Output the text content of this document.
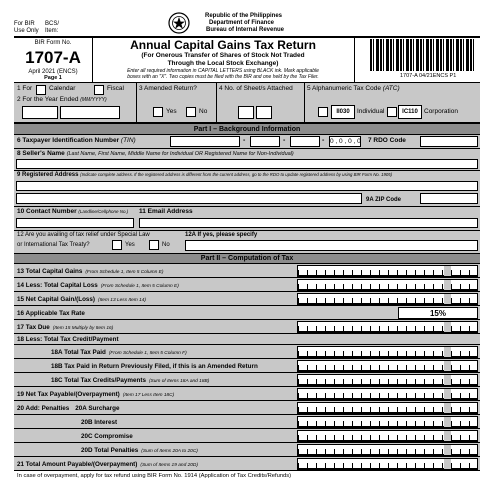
For BIR
Use Only
BCS/
Item:
Republic of the Philippines
Department of Finance
Bureau of Internal Revenue
BIR Form No.
1707-A
April 2021 (ENCS)
Page 1
Annual Capital Gains Tax Return
(For Onerous Transfer of Shares of Stock Not Traded
Through the Local Stock Exchange)
Enter all required information in CAPITAL LETTERS using BLACK ink. Mark applicable
boxes with an "X". Two copies must be filed with the BIR and one held by the Tax Filer.	1707-A 04/21ENCS P1
1 For	Calendar	Fiscal
2 For the Year Ended (MM/YYYY)
3 Amended Return?
Yes	No
4 No. of Sheet/s Attached 5 Alphanumeric Tax Code (ATC)
II030	Individual	IC110 Corporation
Part I – Background Information
6 Taxpayer Identification Number (TIN)	-	-	- 0 , 0 , 0 , 0 7 RDO Code
8 Seller's Name (Last Name, First Name, Middle Name for Individual OR Registered Name for Non-Individual)
9 Registered Address (Indicate complete address. If the registered address is different from the current address, go to the RDO to update registered address by using BIR Form No. 1905)
9A ZIP Code
10 Contact Number (Landline/Cellphone No.) 11 Email Address
12 Are you availing of tax relief under Special Law
or International Tax Treaty?	Yes	No
12A If yes, please specify
Part II – Computation of Tax
13 Total Capital Gains (From Schedule 1, Item 5 Column E)
14 Less: Total Capital Loss (From Schedule 1, Item 5 Column E)
15 Net Capital Gain/(Loss) (Item 13 Less Item 14)
16 Applicable Tax Rate	15%
17 Tax Due (Item 15 Multiply by Item 16)
18 Less: Total Tax Credit/Payment
18A Total Tax Paid (From Schedule 1, Item 5 Column F)
18B Tax Paid in Return Previously Filed, if this is an Amended Return
18C Total Tax Credits/Payments (Sum of Items 18A and 18B)
19 Net Tax Payable/(Overpayment) (Item 17 Less Item 18C)
20 Add: Penalties 20A Surcharge
20B Interest
20C Compromise
20D Total Penalties (Sum of Items 20A to 20C)
21 Total Amount Payable/(Overpayment) (Sum of Items 19 and 20D)
In case of overpayment, apply for tax refund using BIR Form No. 1914 (Application of Tax Credits/Refunds)
